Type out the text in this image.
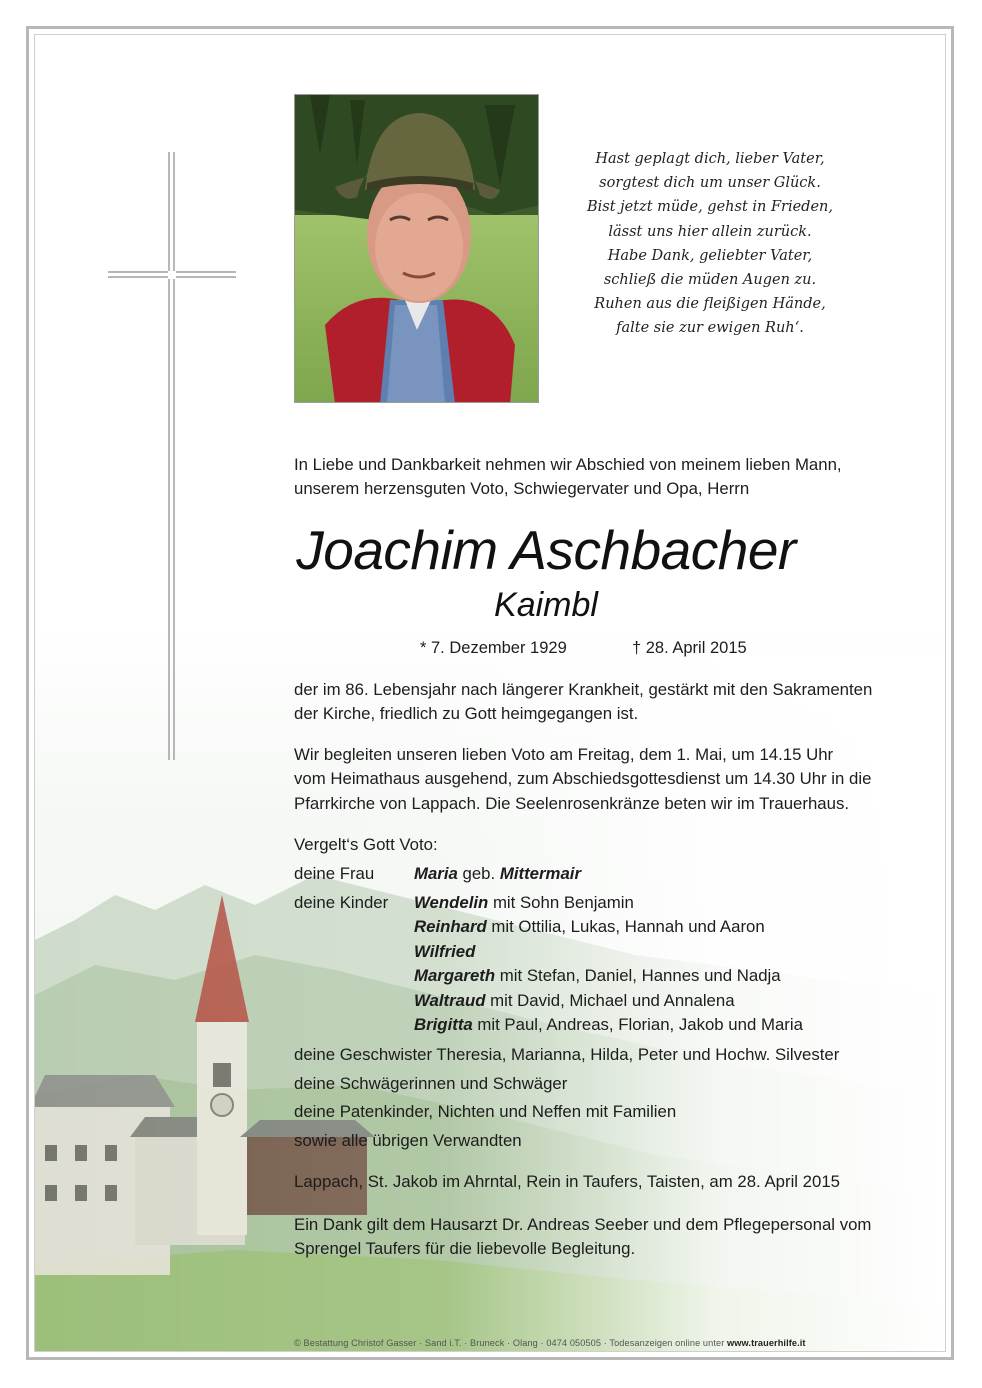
Hast geplagt dich, lieber Vater,
sorgtest dich um unser Glück.
Bist jetzt müde, gehst in Frieden,
lässt uns hier allein zurück.
Habe Dank, geliebter Vater,
schließ die müden Augen zu.
Ruhen aus die fleißigen Hände,
falte sie zur ewigen Ruh‘.
In Liebe und Dankbarkeit nehmen wir Abschied von meinem lieben Mann,
unserem herzensguten Voto, Schwiegervater und Opa, Herrn
Joachim Aschbacher
Kaimbl
* 7. Dezember 1929	† 28. April 2015
der im 86. Lebensjahr nach längerer Krankheit, gestärkt mit den Sakramenten
der Kirche, friedlich zu Gott heimgegangen ist.
Wir begleiten unseren lieben Voto am Freitag, dem 1. Mai, um 14.15 Uhr
vom Heimathaus ausgehend, zum Abschiedsgottesdienst um 14.30 Uhr in die
Pfarrkirche von Lappach. Die Seelenrosenkränze beten wir im Trauerhaus.
Vergelt‘s Gott Voto:
deine Frau Maria geb. Mittermair
deine Kinder Wendelin mit Sohn Benjamin
Reinhard mit Ottilia, Lukas, Hannah und Aaron
Wilfried
Margareth mit Stefan, Daniel, Hannes und Nadja
Waltraud mit David, Michael und Annalena
Brigitta mit Paul, Andreas, Florian, Jakob und Maria
deine Geschwister Theresia, Marianna, Hilda, Peter und Hochw. Silvester
deine Schwägerinnen und Schwäger
deine Patenkinder, Nichten und Neffen mit Familien
sowie alle übrigen Verwandten
Lappach, St. Jakob im Ahrntal, Rein in Taufers, Taisten, am 28. April 2015
Ein Dank gilt dem Hausarzt Dr. Andreas Seeber und dem Pflegepersonal vom
Sprengel Taufers für die liebevolle Begleitung.
© Bestattung Christof Gasser · Sand i.T. · Bruneck · Olang · 0474 050505 · Todesanzeigen online unter www.trauerhilfe.it
